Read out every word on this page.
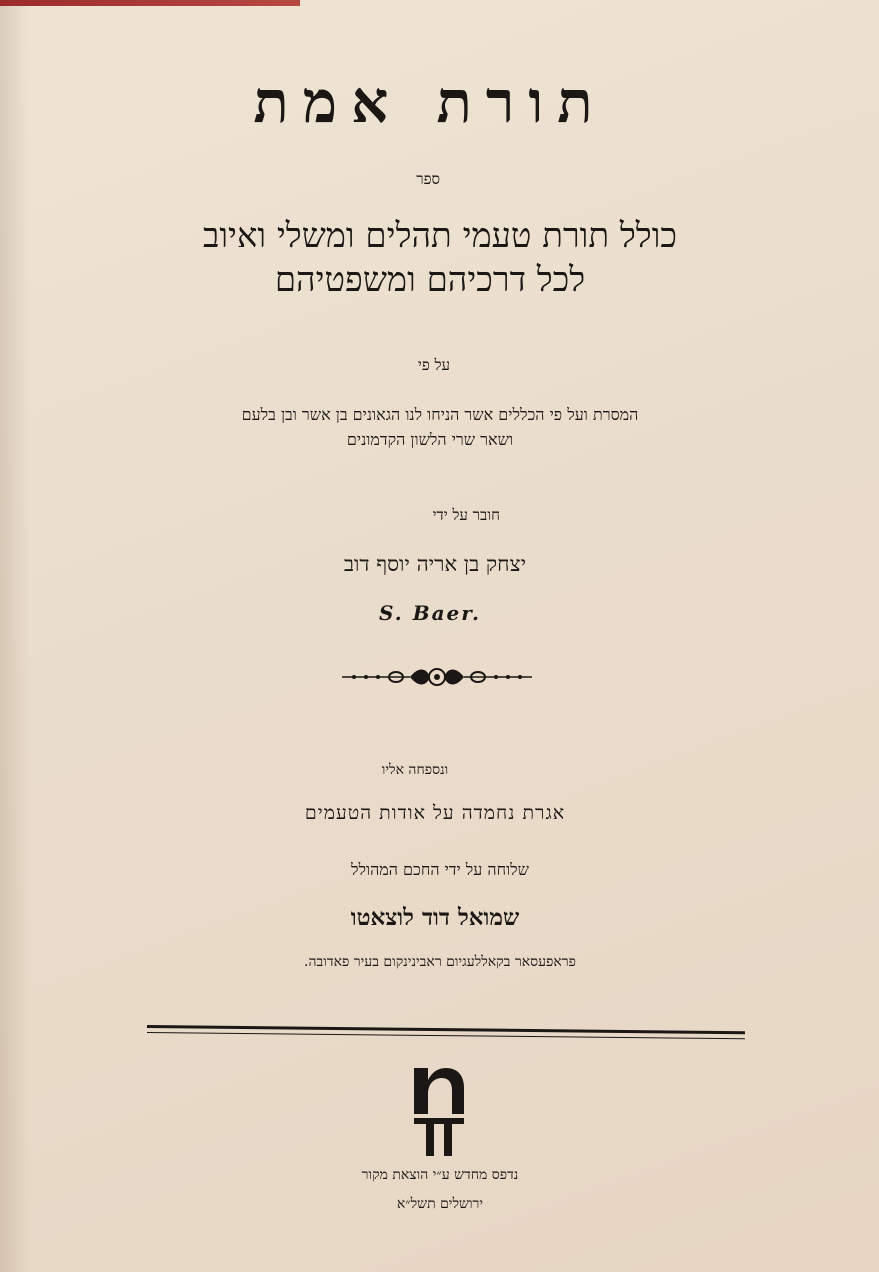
תורת אמת
ספר
כולל תורת טעמי תהלים ומשלי ואיוב
לכל דרכיהם ומשפטיהם
על פי
המסרת ועל פי הכללים אשר הניחו לנו הגאונים בן אשר ובן בלעם
ושאר שרי הלשון הקדמונים
חובר על ידי
יצחק בן אריה יוסף דוב
S. Baer.
ונספחה אליו
אגרת נחמדה על אודות הטעמים
שלוחה על ידי החכם המהולל
שמואל דוד לוצאטו
פראפעסאר בקאללעגיום ראבינינקום בעיר פאדובה.
נדפס מחדש ע״י הוצאת מקור
ירושלים תשל״א
